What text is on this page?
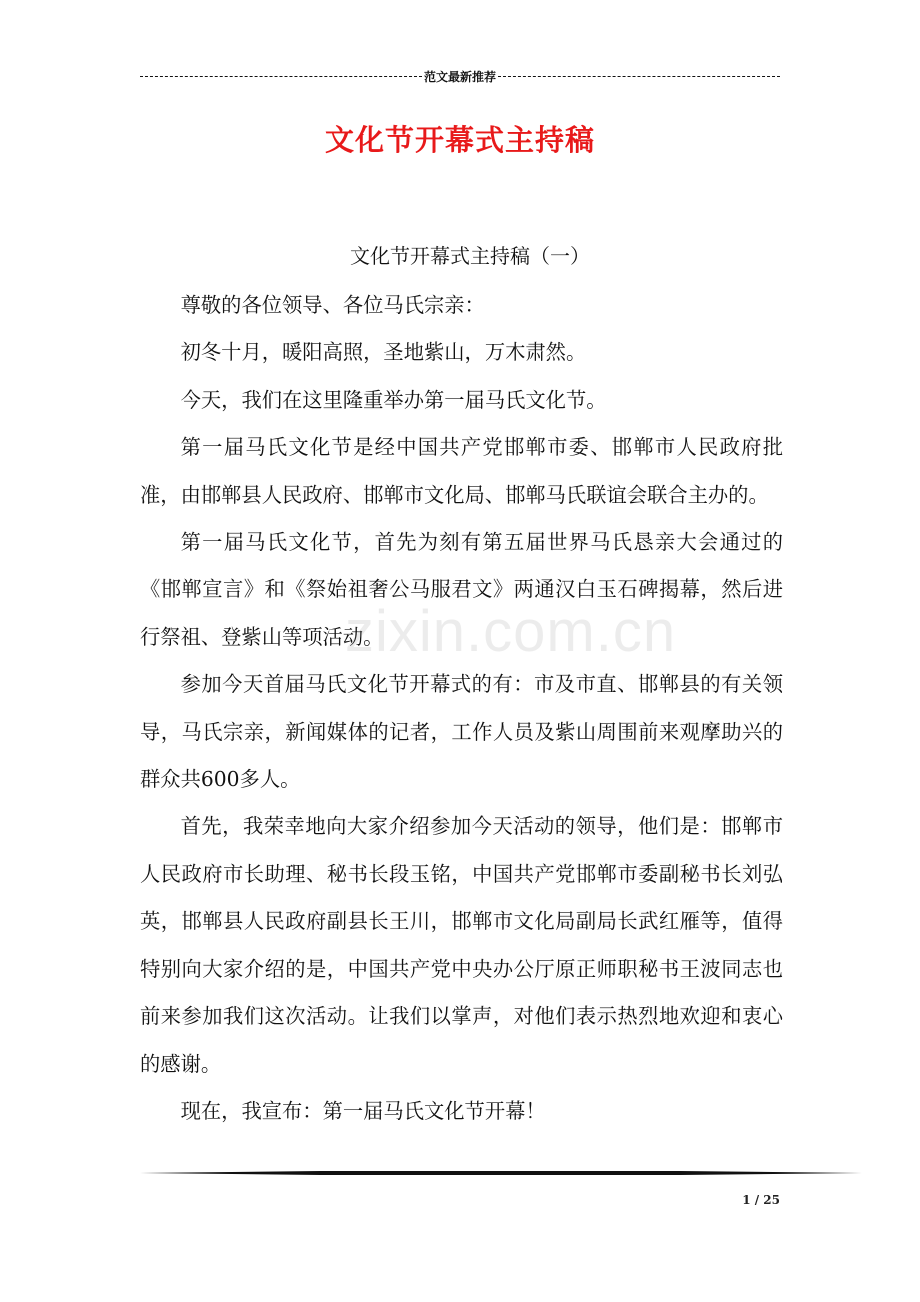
范文最新推荐
文化节开幕式主持稿
文化节开幕式主持稿（一）

尊敬的各位领导、各位马氏宗亲：

初冬十月，暖阳高照，圣地紫山，万木肃然。

今天，我们在这里隆重举办第一届马氏文化节。

第一届马氏文化节是经中国共产党邯郸市委、邯郸市人民政府批准，由邯郸县人民政府、邯郸市文化局、邯郸马氏联谊会联合主办的。

第一届马氏文化节，首先为刻有第五届世界马氏恳亲大会通过的《邯郸宣言》和《祭始祖奢公马服君文》两通汉白玉石碑揭幕，然后进行祭祖、登紫山等项活动。

参加今天首届马氏文化节开幕式的有：市及市直、邯郸县的有关领导，马氏宗亲，新闻媒体的记者，工作人员及紫山周围前来观摩助兴的群众共600多人。

首先，我荣幸地向大家介绍参加今天活动的领导，他们是：邯郸市人民政府市长助理、秘书长段玉铭，中国共产党邯郸市委副秘书长刘弘英，邯郸县人民政府副县长王川，邯郸市文化局副局长武红雁等，值得特别向大家介绍的是，中国共产党中央办公厅原正师职秘书王波同志也前来参加我们这次活动。让我们以掌声，对他们表示热烈地欢迎和衷心的感谢。

现在，我宣布：第一届马氏文化节开幕！

zixin.com.cn
1 / 25
